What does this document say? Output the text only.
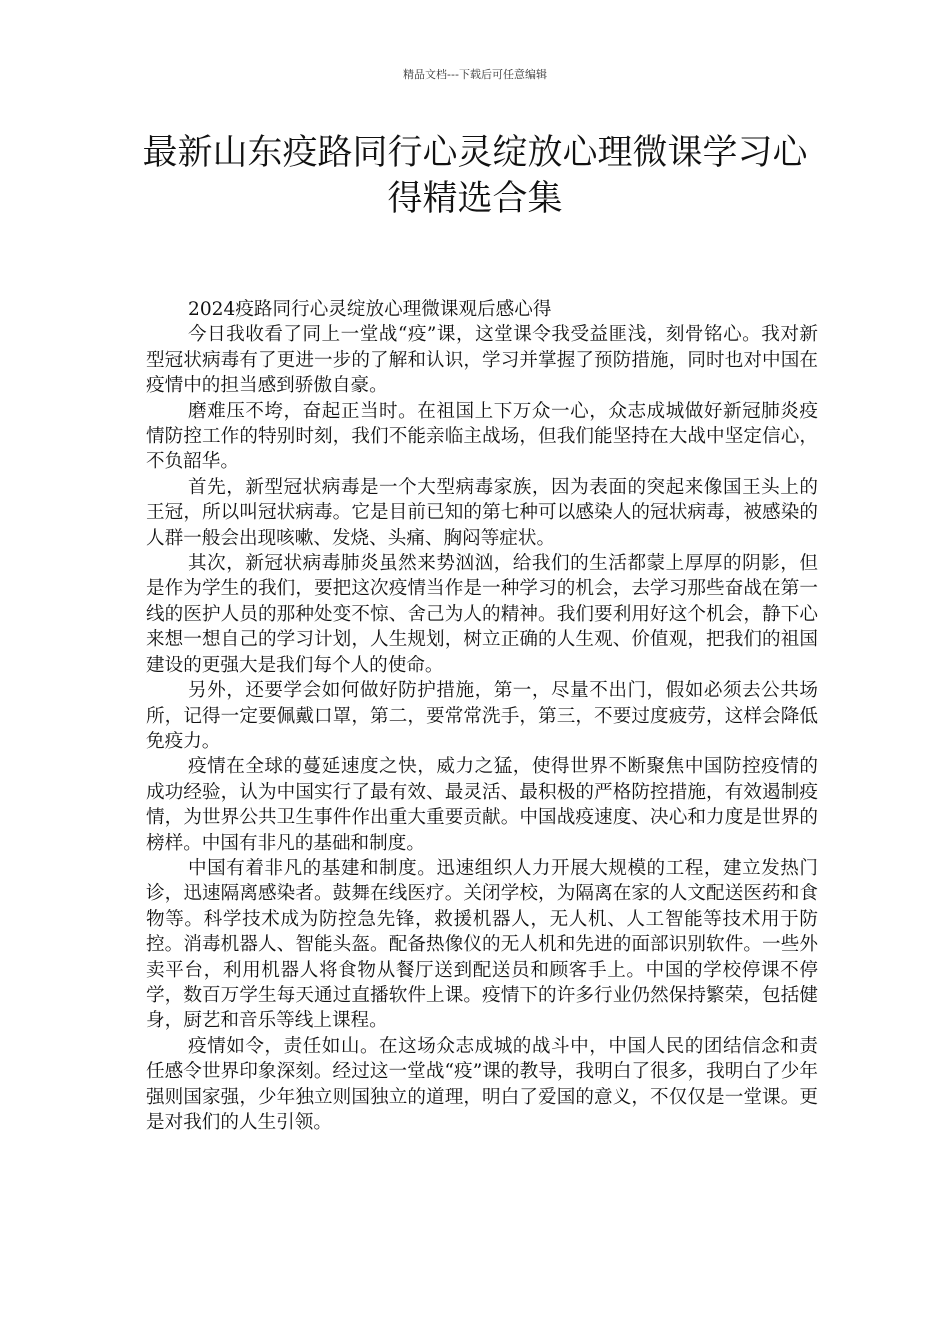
精品文档---下载后可任意编辑
最新山东疫路同行心灵绽放心理微课学习心得精选合集

2024疫路同行心灵绽放心理微课观后感心得

今日我收看了同上一堂战“疫”课，这堂课令我受益匪浅，刻骨铭心。我对新型冠状病毒有了更进一步的了解和认识，学习并掌握了预防措施，同时也对中国在疫情中的担当感到骄傲自豪。

磨难压不垮，奋起正当时。在祖国上下万众一心，众志成城做好新冠肺炎疫情防控工作的特别时刻，我们不能亲临主战场，但我们能坚持在大战中坚定信心，不负韶华。

首先，新型冠状病毒是一个大型病毒家族，因为表面的突起来像国王头上的王冠，所以叫冠状病毒。它是目前已知的第七种可以感染人的冠状病毒，被感染的人群一般会出现咳嗽、发烧、头痛、胸闷等症状。

其次，新冠状病毒肺炎虽然来势汹汹，给我们的生活都蒙上厚厚的阴影，但是作为学生的我们，要把这次疫情当作是一种学习的机会，去学习那些奋战在第一线的医护人员的那种处变不惊、舍己为人的精神。我们要利用好这个机会，静下心来想一想自己的学习计划，人生规划，树立正确的人生观、价值观，把我们的祖国建设的更强大是我们每个人的使命。

另外，还要学会如何做好防护措施，第一，尽量不出门，假如必须去公共场所，记得一定要佩戴口罩，第二，要常常洗手，第三，不要过度疲劳，这样会降低免疫力。

疫情在全球的蔓延速度之快，威力之猛，使得世界不断聚焦中国防控疫情的成功经验，认为中国实行了最有效、最灵活、最积极的严格防控措施，有效遏制疫情，为世界公共卫生事件作出重大重要贡献。中国战疫速度、决心和力度是世界的榜样。中国有非凡的基础和制度。

中国有着非凡的基建和制度。迅速组织人力开展大规模的工程，建立发热门诊，迅速隔离感染者。鼓舞在线医疗。关闭学校，为隔离在家的人文配送医药和食物等。科学技术成为防控急先锋，救援机器人，无人机、人工智能等技术用于防控。消毒机器人、智能头盔。配备热像仪的无人机和先进的面部识别软件。一些外卖平台，利用机器人将食物从餐厅送到配送员和顾客手上。中国的学校停课不停学，数百万学生每天通过直播软件上课。疫情下的许多行业仍然保持繁荣，包括健身，厨艺和音乐等线上课程。

疫情如令，责任如山。在这场众志成城的战斗中，中国人民的团结信念和责任感令世界印象深刻。经过这一堂战“疫”课的教导，我明白了很多，我明白了少年强则国家强，少年独立则国独立的道理，明白了爱国的意义，不仅仅是一堂课。更是对我们的人生引领。
